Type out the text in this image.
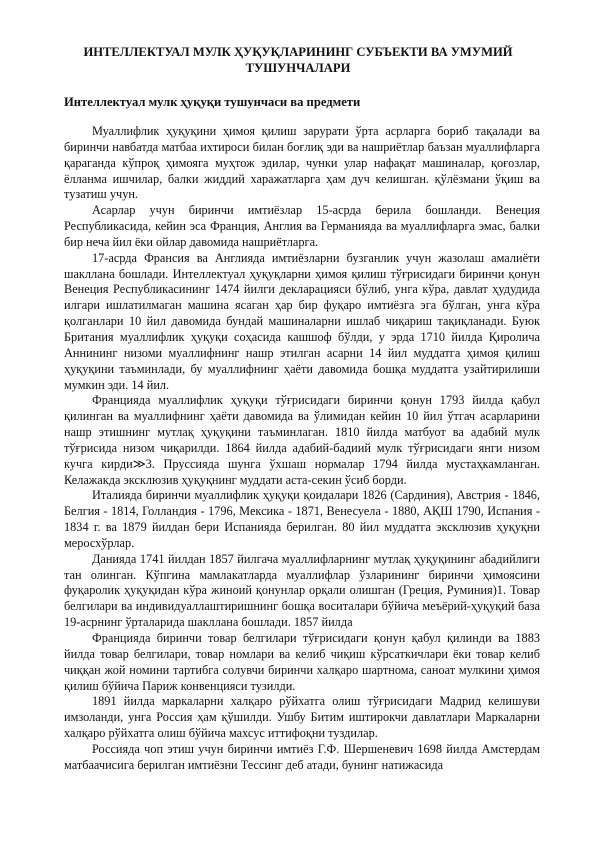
ИНТЕЛЛЕКТУАЛ МУЛК ҲУҚУҚЛАРИНИНГ СУБЪЕКТИ ВА УМУМИЙ ТУШУНЧАЛАРИ
Интеллектуал мулк ҳуқуқи тушунчаси ва предмети

Муаллифлик ҳуқуқини ҳимоя қилиш зарурати ўрта асрларга бориб тақалади ва биринчи навбатда матбаа ихтироси билан боғлиқ эди ва нашриётлар баъзан муаллифларга қараганда кўпроқ ҳимояга муҳтож эдилар, чунки улар нафақат машиналар, қоғозлар, ёлланма ишчилар, балки жиддий харажатларга ҳам дуч келишган. қўлёзмани ўқиш ва тузатиш учун.

Асарлар учун биринчи имтиёзлар 15-асрда берила бошланди. Венеция Республикасида, кейин эса Франция, Англия ва Германияда ва муаллифларга эмас, балки бир неча йил ёки ойлар давомида нашриётларга.

17-асрда Франсия ва Англияда имтиёзларни бузганлик учун жазолаш амалиёти шакллана бошлади. Интеллектуал ҳуқуқларни ҳимоя қилиш тўғрисидаги биринчи қонун Венеция Республикасининг 1474 йилги декларацияси бўлиб, унга кўра, давлат ҳудудида илгари ишлатилмаган машина ясаган ҳар бир фуқаро имтиёзга эга бўлган, унга кўра қолганлари 10 йил давомида бундай машиналарни ишлаб чиқариш тақиқланади. Буюк Британия муаллифлик ҳуқуқи соҳасида кашшоф бўлди, у эрда 1710 йилда Қиролича Аннининг низоми муаллифнинг нашр этилган асарни 14 йил муддатга ҳимоя қилиш ҳуқуқини таъминлади, бу муаллифнинг ҳаёти давомида бошқа муддатга узайтирилиши мумкин эди. 14 йил.

Францияда муаллифлик ҳуқуқи тўғрисидаги биринчи қонун 1793 йилда қабул қилинган ва муаллифнинг ҳаёти давомида ва ўлимидан кейин 10 йил ўтгач асарларини нашр этишнинг мутлақ ҳуқуқини таъминлаган. 1810 йилда матбуот ва адабий мулк тўғрисида низом чиқарилди. 1864 йилда адабий-бадиий мулк тўғрисидаги янги низом кучга кирди≫3. Пруссияда шунга ўхшаш нормалар 1794 йилда мустаҳкамланган. Келажакда эксклюзив ҳуқуқнинг муддати аста-секин ўсиб борди.

Италияда биринчи муаллифлик ҳуқуқи қоидалари 1826 (Сардиния), Австрия - 1846, Белгия - 1814, Голландия - 1796, Мексика - 1871, Венесуела - 1880, АҚШ 1790, Испания - 1834 г. ва 1879 йилдан бери Испанияда берилган. 80 йил муддатга эксклюзив ҳуқуқни меросхўрлар.

Данияда 1741 йилдан 1857 йилгача муаллифларнинг мутлақ ҳуқуқининг абадийлиги тан олинган. Кўпгина мамлакатларда муаллифлар ўзларининг биринчи ҳимоясини фуқаролик ҳуқуқидан кўра жиноий қонунлар орқали олишган (Греция, Руминия)1. Товар белгилари ва индивидуаллаштиришнинг бошқа воситалари бўйича меъёрий-ҳуқуқий база 19-асрнинг ўрталарида шакллана бошлади. 1857 йилда

Францияда биринчи товар белгилари тўғрисидаги қонун қабул қилинди ва 1883 йилда товар белгилари, товар номлари ва келиб чиқиш кўрсаткичлари ёки товар келиб чиққан жой номини тартибга солувчи биринчи халқаро шартнома, саноат мулкини ҳимоя қилиш бўйича Париж конвенцияси тузилди.

1891 йилда маркаларни халқаро рўйхатга олиш тўғрисидаги Мадрид келишуви имзоланди, унга Россия ҳам қўшилди. Ушбу Битим иштирокчи давлатлари Маркаларни халқаро рўйхатга олиш бўйича махсус иттифоқни туздилар.

Россияда чоп этиш учун биринчи имтиёз Г.Ф. Шершеневич 1698 йилда Амстердам матбаачисига берилган имтиёзни Тессинг деб атади, бунинг натижасида
